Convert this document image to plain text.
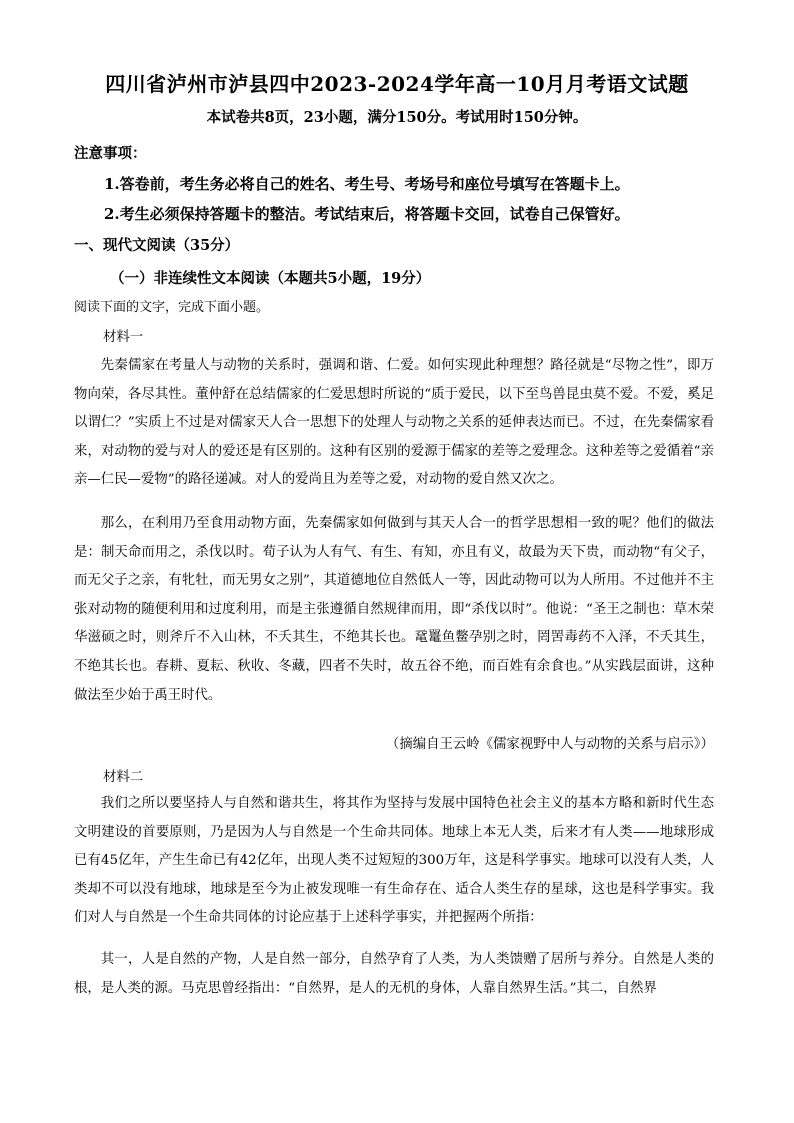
四川省泸州市泸县四中2023-2024学年高一10月月考语文试题
本试卷共8页，23小题，满分150分。考试用时150分钟。
注意事项：
1.答卷前，考生务必将自己的姓名、考生号、考场号和座位号填写在答题卡上。
2.考生必须保持答题卡的整洁。考试结束后，将答题卡交回，试卷自己保管好。
一、现代文阅读（35分）
（一）非连续性文本阅读（本题共5小题，19分）
阅读下面的文字，完成下面小题。
材料一

先秦儒家在考量人与动物的关系时，强调和谐、仁爱。如何实现此种理想？路径就是“尽物之性”，即万物向荣，各尽其性。董仲舒在总结儒家的仁爱思想时所说的“质于爱民，以下至鸟兽昆虫莫不爱。不爱，奚足以谓仁？”实质上不过是对儒家天人合一思想下的处理人与动物之关系的延伸表达而已。不过，在先秦儒家看来，对动物的爱与对人的爱还是有区别的。这种有区别的爱源于儒家的差等之爱理念。这种差等之爱循着“亲亲—仁民—爱物”的路径递减。对人的爱尚且为差等之爱，对动物的爱自然又次之。

那么，在利用乃至食用动物方面，先秦儒家如何做到与其天人合一的哲学思想相一致的呢？他们的做法是：制天命而用之，杀伐以时。荀子认为人有气、有生、有知，亦且有义，故最为天下贵，而动物“有父子，而无父子之亲，有牝牡，而无男女之别”，其道德地位自然低人一等，因此动物可以为人所用。不过他并不主张对动物的随便利用和过度利用，而是主张遵循自然规律而用，即“杀伐以时”。他说：“圣王之制也：草木荣华滋硕之时，则斧斤不入山林，不夭其生，不绝其长也。鼋鼍鱼鳖孕别之时，罔罟毒药不入泽，不夭其生，不绝其长也。春耕、夏耘、秋收、冬藏，四者不失时，故五谷不绝，而百姓有余食也。”从实践层面讲，这种做法至少始于禹王时代。

（摘编自王云岭《儒家视野中人与动物的关系与启示》）
材料二

我们之所以要坚持人与自然和谐共生，将其作为坚持与发展中国特色社会主义的基本方略和新时代生态文明建设的首要原则，乃是因为人与自然是一个生命共同体。地球上本无人类，后来才有人类——地球形成已有45亿年，产生生命已有42亿年，出现人类不过短短的300万年，这是科学事实。地球可以没有人类，人类却不可以没有地球，地球是至今为止被发现唯一有生命存在、适合人类生存的星球，这也是科学事实。我们对人与自然是一个生命共同体的讨论应基于上述科学事实，并把握两个所指：

其一，人是自然的产物，人是自然一部分，自然孕育了人类，为人类馈赠了居所与养分。自然是人类的根，是人类的源。马克思曾经指出：“自然界，是人的无机的身体，人靠自然界生活。”其二，自然界
